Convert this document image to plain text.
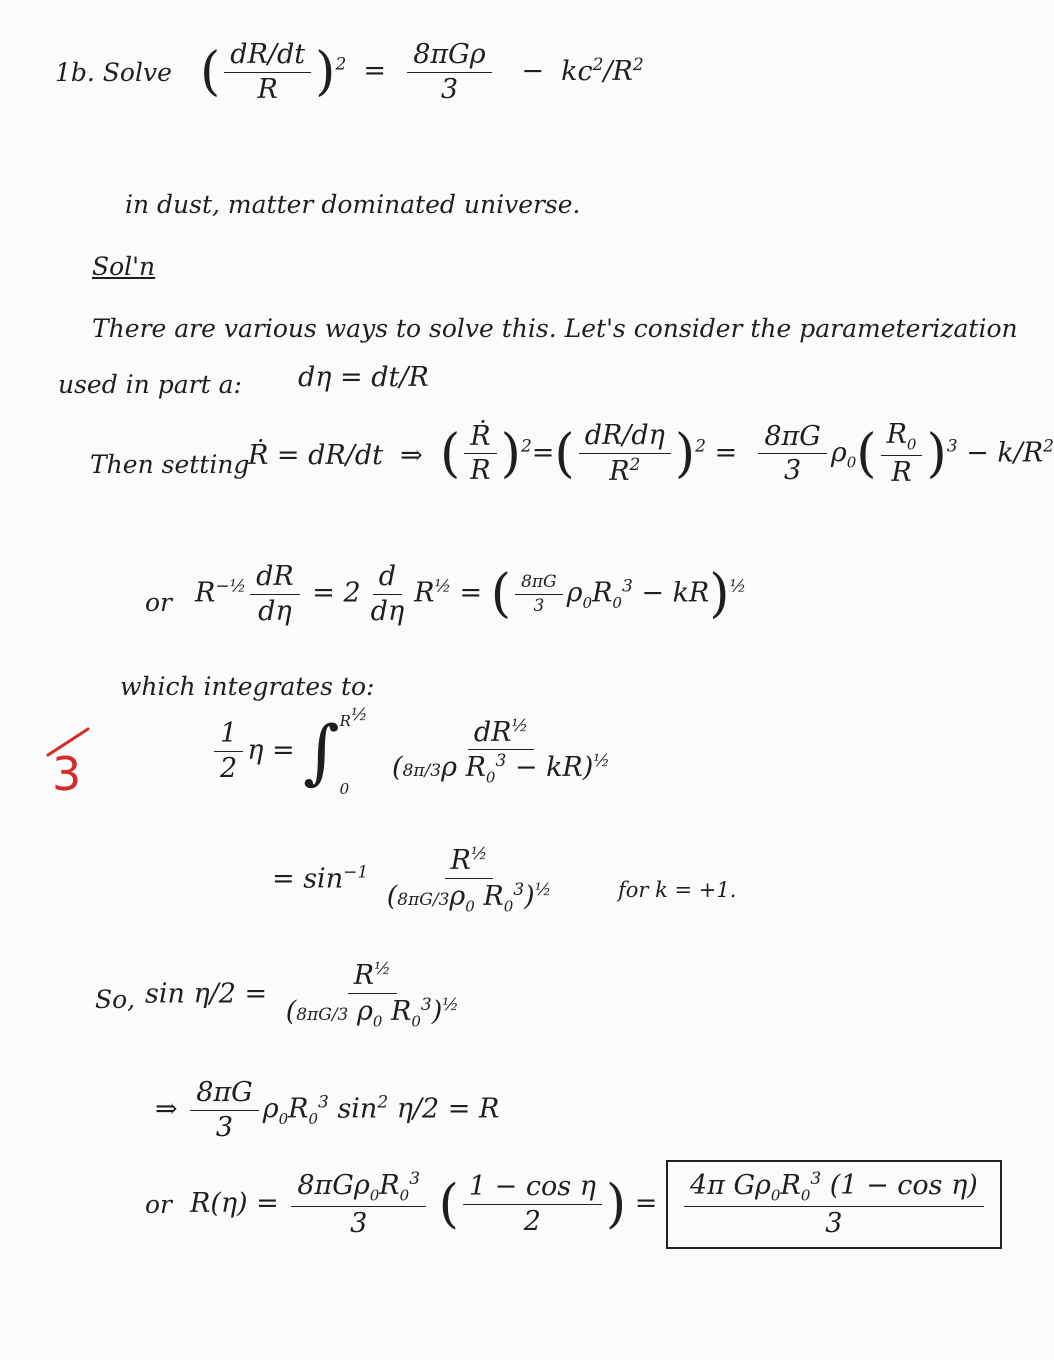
1b. Solve ( $\frac{dR/dt}{R} )^2 = \frac{\text{8πGρ}}{3} - kc^2/R^2$
in dust, matter dominated universe.
Sol'n
There are various ways to solve this. Let's consider the parameterization
used in part a: dη = dt/R
Then setting
Ṙ = dR/dt  ⇒ ( $\frac{\text{Ṙ}}{R} )^2=( \frac{dR/d\eta}{R^2} )^2 = \frac{8\pi G}{3} \rho_0( \frac{R_0}{R} )^3 - k/R^2$
or $R^{-\frac{1}{2}} \frac{dR}{d\eta} = 2 \frac{d}{d\eta} R^{\frac{1}{2}}$ = ( $\frac{8\pi G}{3} \rho_0R_0^3 - kR)^{\frac{1}{2}}$
which integrates to:
$\frac{1}{2}$ η = ∫ R½
0

$\frac{dR^{\frac{1}{2}}}{(8\pi/3\rho R_0^3 - kR)^{\frac{1}{2}}}$
= $\sin^{-1} \frac{R^{\frac{1}{2}}}{(8\pi G/3\rho_0 R_0^3)^{\frac{1}{2}}}$	for k = +1.
So, $\sin \eta/2 = \frac{R^{\frac{1}{2}}}{(8\pi G/3 \rho_0 R_0^3)^{\frac{1}{2}}}$
⇒ $\frac{8\pi G}{3} \rho_0R_0^3$ $\sin^2 \eta/2 = R$
or $R(\eta) = \frac{8\pi G\rho_0R_0^3}{3}$ ( $\frac{\text{1 − cos η}}{2}$ ) = $\frac{4\pi G\rho_0R_0^3 (1 - \cos \eta)}{3}$
3
